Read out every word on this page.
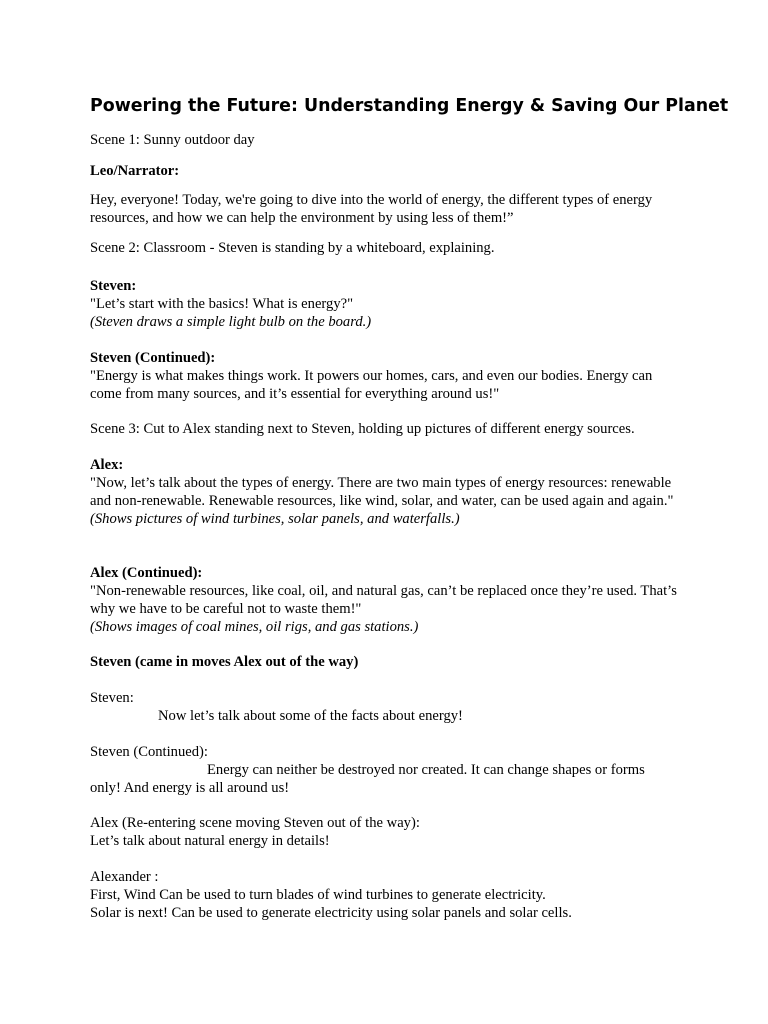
Powering the Future: Understanding Energy & Saving Our Planet

Scene 1: Sunny outdoor day

Leo/Narrator:

Hey, everyone! Today, we're going to dive into the world of energy, the different types of energy resources, and how we can help the environment by using less of them!”

Scene 2: Classroom - Steven is standing by a whiteboard, explaining.

Steven:

"Let’s start with the basics! What is energy?"

(Steven draws a simple light bulb on the board.)

Steven (Continued):

"Energy is what makes things work. It powers our homes, cars, and even our bodies. Energy can come from many sources, and it’s essential for everything around us!"

Scene 3: Cut to Alex standing next to Steven, holding up pictures of different energy sources.

Alex:

"Now, let’s talk about the types of energy. There are two main types of energy resources: renewable and non-renewable. Renewable resources, like wind, solar, and water, can be used again and again."

(Shows pictures of wind turbines, solar panels, and waterfalls.)

Alex (Continued):

"Non-renewable resources, like coal, oil, and natural gas, can’t be replaced once they’re used. That’s why we have to be careful not to waste them!"

(Shows images of coal mines, oil rigs, and gas stations.)

Steven (came in moves Alex out of the way)

Steven:

Now let’s talk about some of the facts about energy!

Steven (Continued):

Energy can neither be destroyed nor created. It can change shapes or forms

only! And energy is all around us!

Alex (Re-entering scene moving Steven out of the way):

Let’s talk about natural energy in details!

Alexander :

First, Wind Can be used to turn blades of wind turbines to generate electricity.

Solar is next! Can be used to generate electricity using solar panels and solar cells.
